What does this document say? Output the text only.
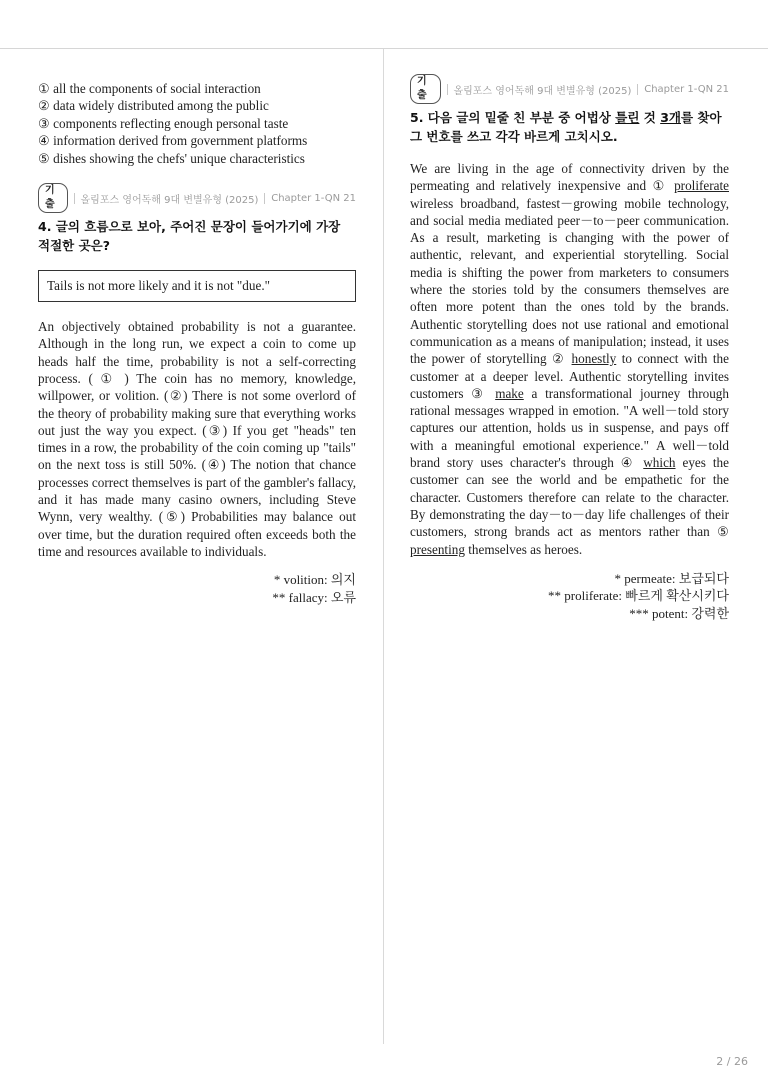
① all the components of social interaction
② data widely distributed among the public
③ components reflecting enough personal taste
④ information derived from government platforms
⑤ dishes showing the chefs' unique characteristics
기출	올림포스 영어독해 9대 변별유형 (2025) Chapter 1-QN 21

4. 글의 흐름으로 보아, 주어진 문장이 들어가기에 가장 적절한 곳은?

Tails is not more likely and it is not "due."

An objectively obtained probability is not a guarantee. Although in the long run, we expect a coin to come up heads half the time, probability is not a self-correcting process. ( ① ) The coin has no memory, knowledge, willpower, or volition. (②) There is not some overlord of the theory of probability making sure that everything works out just the way you expect. (③) If you get "heads" ten times in a row, the probability of the coin coming up "tails" on the next toss is still 50%. (④) The notion that chance processes correct themselves is part of the gambler's fallacy, and it has made many casino owners, including Steve Wynn, very wealthy. (⑤) Probabilities may balance out over time, but the duration required often exceeds both the time and resources available to individuals.

* volition: 의지
** fallacy: 오류
기출	올림포스 영어독해 9대 변별유형 (2025) Chapter 1-QN 21

5. 다음 글의 밑줄 친 부분 중 어법상 틀린 것 3개를 찾아 그 번호를 쓰고 각각 바르게 고치시오.

We are living in the age of connectivity driven by the permeating and relatively inexpensive and ① proliferate wireless broadband, fastest－growing mobile technology, and social media mediated peer－to－peer communication. As a result, marketing is changing with the power of authentic, relevant, and experiential storytelling. Social media is shifting the power from marketers to consumers where the stories told by the consumers themselves are often more potent than the ones told by the brands. Authentic storytelling does not use rational and emotional communication as a means of manipulation; instead, it uses the power of storytelling ② honestly to connect with the customer at a deeper level. Authentic storytelling invites customers ③ make a transformational journey through rational messages wrapped in emotion. "A well－told story captures our attention, holds us in suspense, and pays off with a meaningful emotional experience." A well－told brand story uses character's through ④ which eyes the customer can see the world and be empathetic for the character. Customers therefore can relate to the character. By demonstrating the day－to－day life challenges of their customers, strong brands act as mentors rather than ⑤ presenting themselves as heroes.

* permeate: 보급되다
** proliferate: 빠르게 확산시키다
*** potent: 강력한
2 / 26
